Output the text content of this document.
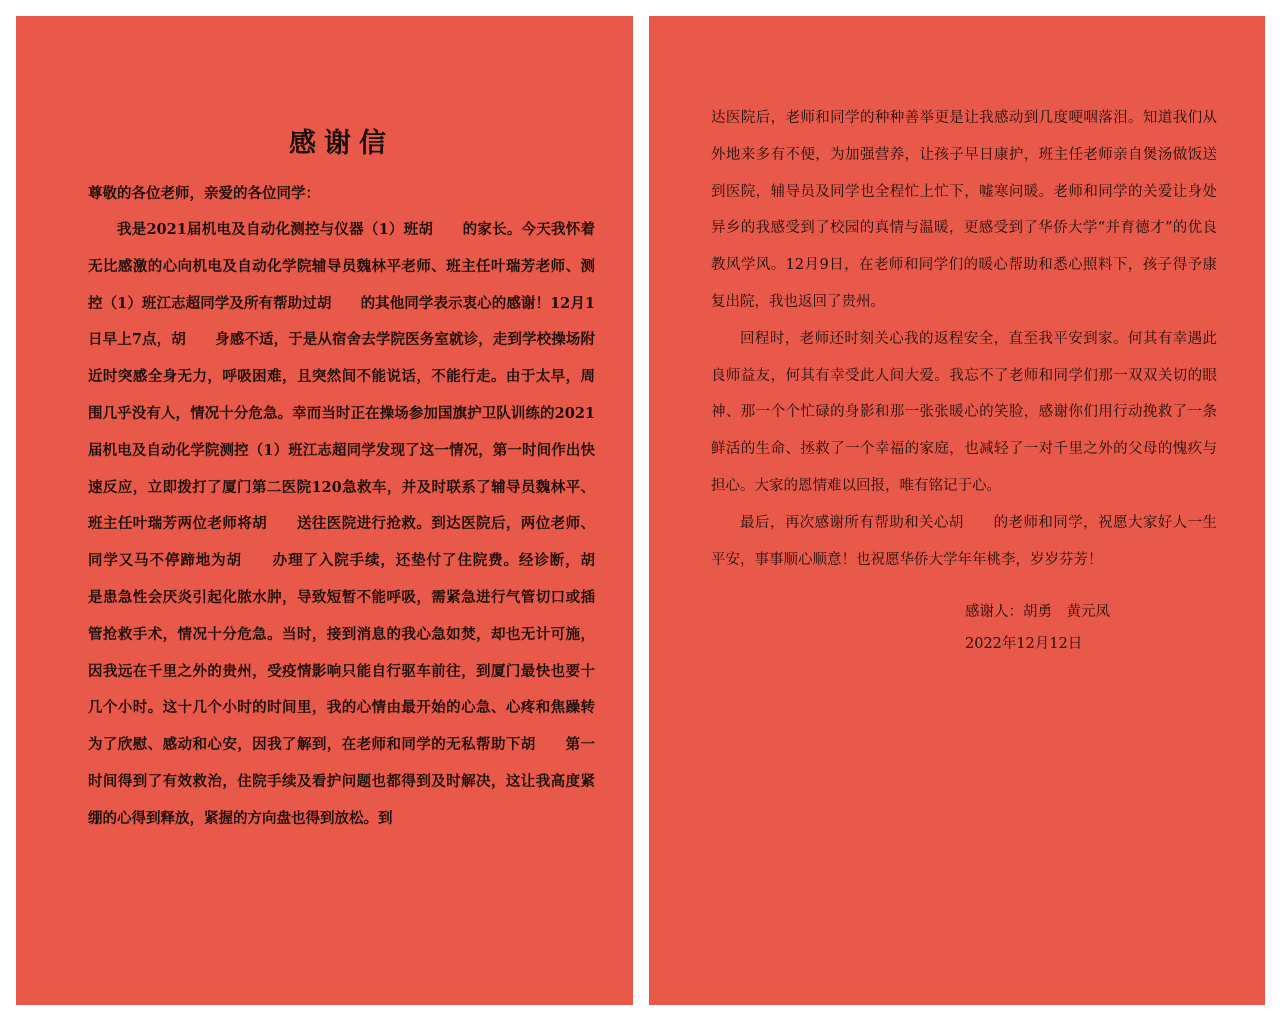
感谢信

尊敬的各位老师，亲爱的各位同学：

我是2021届机电及自动化测控与仪器（1）班胡　　的家长。今天我怀着无比感激的心向机电及自动化学院辅导员魏林平老师、班主任叶瑞芳老师、测控（1）班江志超同学及所有帮助过胡　　的其他同学表示衷心的感谢！12月1日早上7点，胡　　身感不适，于是从宿舍去学院医务室就诊，走到学校操场附近时突感全身无力，呼吸困难，且突然间不能说话，不能行走。由于太早，周围几乎没有人，情况十分危急。幸而当时正在操场参加国旗护卫队训练的2021届机电及自动化学院测控（1）班江志超同学发现了这一情况，第一时间作出快速反应，立即拨打了厦门第二医院120急救车，并及时联系了辅导员魏林平、班主任叶瑞芳两位老师将胡　　送往医院进行抢救。到达医院后，两位老师、同学又马不停蹄地为胡　　办理了入院手续，还垫付了住院费。经诊断，胡　　是患急性会厌炎引起化脓水肿，导致短暂不能呼吸，需紧急进行气管切口或插管抢救手术，情况十分危急。当时，接到消息的我心急如焚，却也无计可施，因我远在千里之外的贵州，受疫情影响只能自行驱车前往，到厦门最快也要十几个小时。这十几个小时的时间里，我的心情由最开始的心急、心疼和焦躁转为了欣慰、感动和心安，因我了解到，在老师和同学的无私帮助下胡　　第一时间得到了有效救治，住院手续及看护问题也都得到及时解决，这让我高度紧绷的心得到释放，紧握的方向盘也得到放松。到

达医院后，老师和同学的种种善举更是让我感动到几度哽咽落泪。知道我们从外地来多有不便，为加强营养，让孩子早日康护，班主任老师亲自煲汤做饭送到医院，辅导员及同学也全程忙上忙下，嘘寒问暖。老师和同学的关爱让身处异乡的我感受到了校园的真情与温暖，更感受到了华侨大学“并育德才”的优良教风学风。12月9日，在老师和同学们的暖心帮助和悉心照料下，孩子得予康复出院，我也返回了贵州。

回程时，老师还时刻关心我的返程安全，直至我平安到家。何其有幸遇此良师益友，何其有幸受此人间大爱。我忘不了老师和同学们那一双双关切的眼神、那一个个忙碌的身影和那一张张暖心的笑脸，感谢你们用行动挽救了一条鲜活的生命、拯救了一个幸福的家庭，也减轻了一对千里之外的父母的愧疚与担心。大家的恩情难以回报，唯有铭记于心。

最后，再次感谢所有帮助和关心胡　　的老师和同学，祝愿大家好人一生平安，事事顺心顺意！也祝愿华侨大学年年桃李，岁岁芬芳！

感谢人：胡勇　黄元凤
2022年12月12日
